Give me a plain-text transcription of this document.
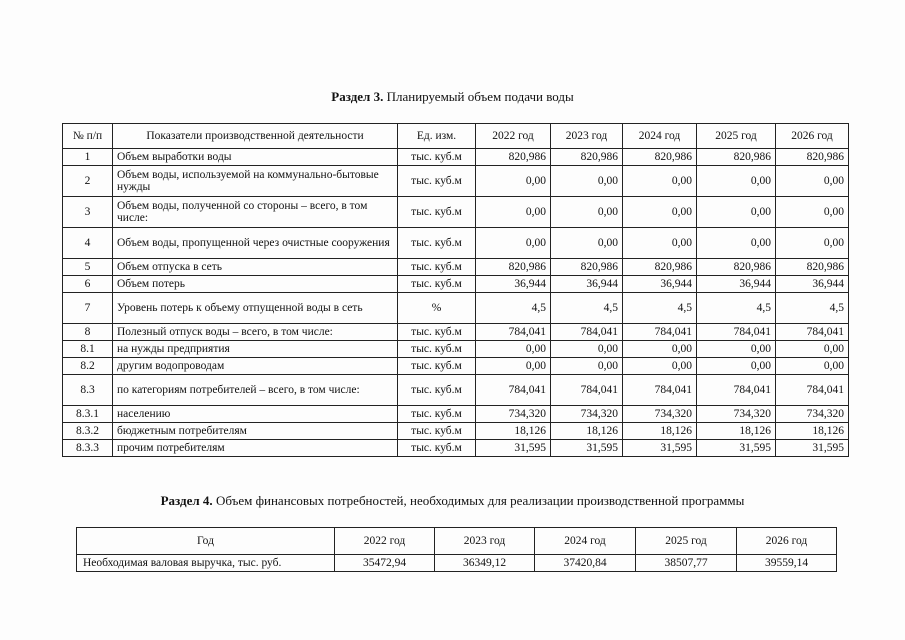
Раздел 3. Планируемый объем подачи воды
№ п/п	Показатели производственной деятельности	Ед. изм.	2022 год	2023 год	2024 год	2025 год	2026 год
1	Объем выработки воды	тыс. куб.м	820,986	820,986	820,986	820,986	820,986
2	Объем воды, используемой на коммунально-бытовые нужды	тыс. куб.м	0,00	0,00	0,00	0,00	0,00
3	Объем воды, полученной со стороны – всего, в том числе:	тыс. куб.м	0,00	0,00	0,00	0,00	0,00
4	Объем воды, пропущенной через очистные сооружения	тыс. куб.м	0,00	0,00	0,00	0,00	0,00
5	Объем отпуска в сеть	тыс. куб.м	820,986	820,986	820,986	820,986	820,986
6	Объем потерь	тыс. куб.м	36,944	36,944	36,944	36,944	36,944
7	Уровень потерь к объему отпущенной воды в сеть	%	4,5	4,5	4,5	4,5	4,5
8	Полезный отпуск воды – всего, в том числе:	тыс. куб.м	784,041	784,041	784,041	784,041	784,041
8.1	на нужды предприятия	тыс. куб.м	0,00	0,00	0,00	0,00	0,00
8.2	другим водопроводам	тыс. куб.м	0,00	0,00	0,00	0,00	0,00
8.3	по категориям потребителей – всего, в том числе:	тыс. куб.м	784,041	784,041	784,041	784,041	784,041
8.3.1	населению	тыс. куб.м	734,320	734,320	734,320	734,320	734,320
8.3.2	бюджетным потребителям	тыс. куб.м	18,126	18,126	18,126	18,126	18,126
8.3.3	прочим потребителям	тыс. куб.м	31,595	31,595	31,595	31,595	31,595
Раздел 4. Объем финансовых потребностей, необходимых для реализации производственной программы
Год	2022 год	2023 год	2024 год	2025 год	2026 год
Необходимая валовая выручка, тыс. руб.	35472,94	36349,12	37420,84	38507,77	39559,14
